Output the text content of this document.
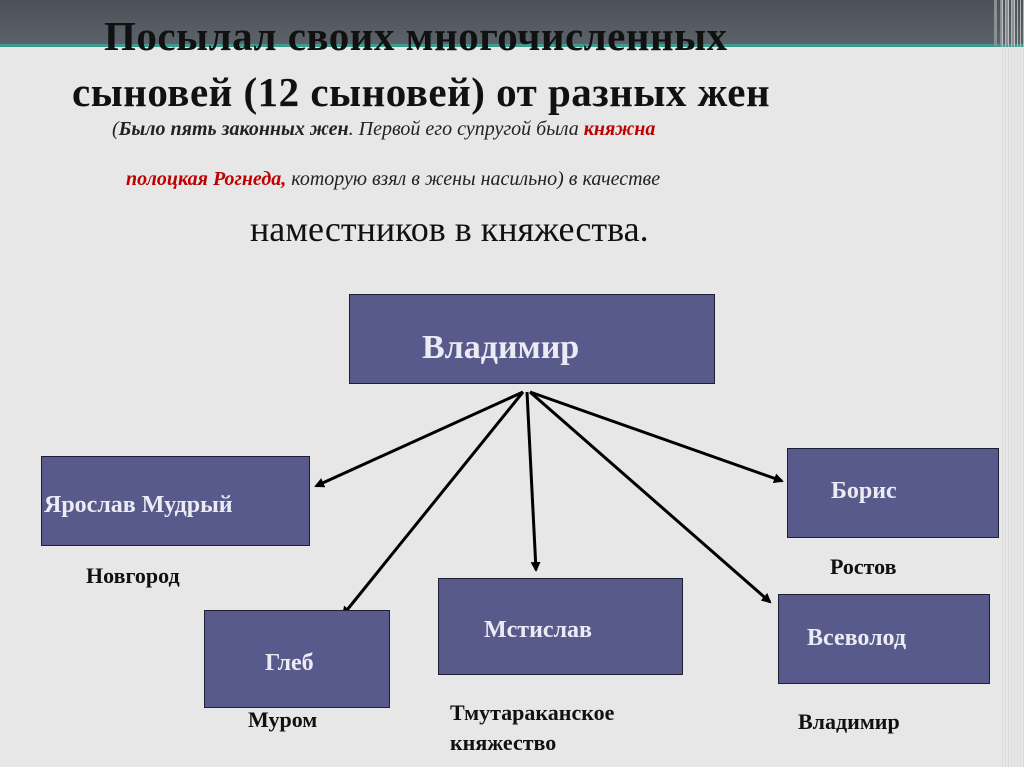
Посылал своих многочисленных
сыновей (12 сыновей) от разных жен

(Было пять законных жен. Первой его супругой была княжна

полоцкая Рогнеда, которую взял в жены насильно) в качестве

наместников в княжества.

Владимир
Ярослав Мудрый
Глеб
Мстислав	Всеволод
Борис

Новгород

Муром	Тмутараканское

княжество

Владимир

Ростов
